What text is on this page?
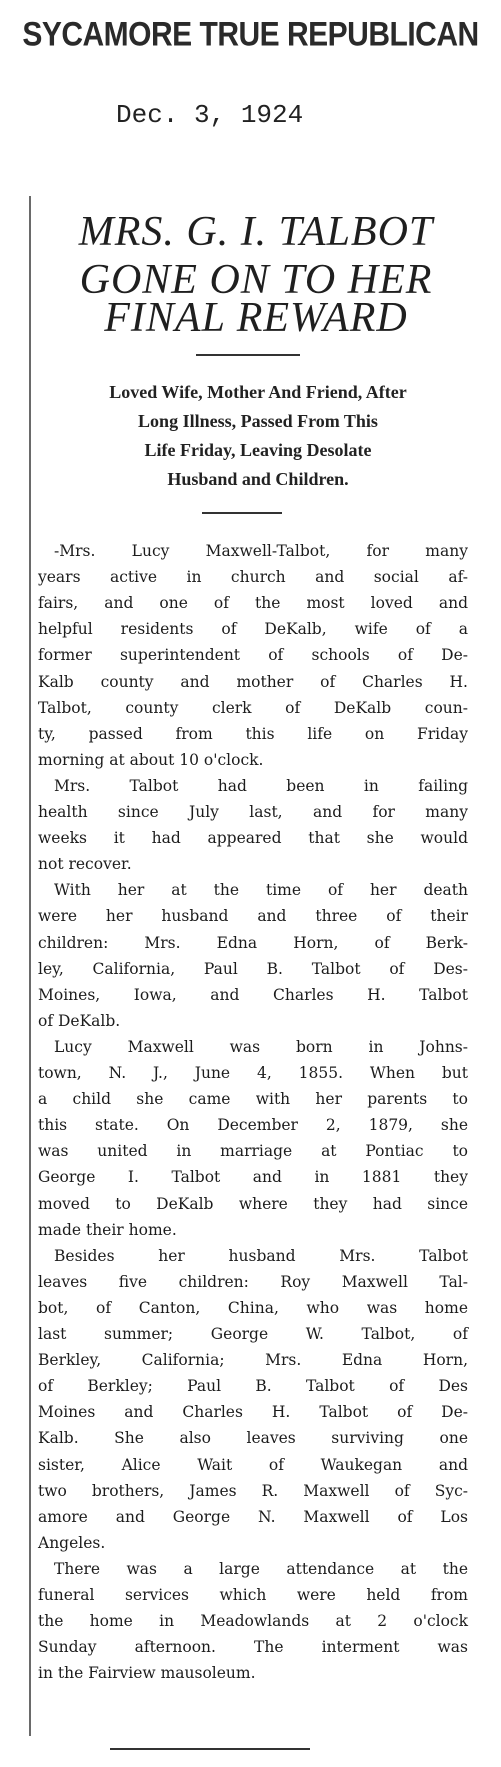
SYCAMORE TRUE REPUBLICAN
Dec. 3, 1924
MRS. G. I. TALBOT
GONE ON TO HER
FINAL REWARD
Loved Wife, Mother And Friend, After
Long Illness, Passed From This
Life Friday, Leaving Desolate
Husband and Children.
-Mrs. Lucy Maxwell-Talbot, for many
years active in church and social af-
fairs, and one of the most loved and
helpful residents of DeKalb, wife of a
former superintendent of schools of De-
Kalb county and mother of Charles H.
Talbot, county clerk of DeKalb coun-
ty, passed from this life on Friday
morning at about 10 o'clock.
Mrs. Talbot had been in failing
health since July last, and for many
weeks it had appeared that she would
not recover.
With her at the time of her death
were her husband and three of their
children: Mrs. Edna Horn, of Berk-
ley, California, Paul B. Talbot of Des-
Moines, Iowa, and Charles H. Talbot
of DeKalb.
Lucy Maxwell was born in Johns-
town, N. J., June 4, 1855. When but
a child she came with her parents to
this state. On December 2, 1879, she
was united in marriage at Pontiac to
George I. Talbot and in 1881 they
moved to DeKalb where they had since
made their home.
Besides her husband Mrs. Talbot
leaves five children: Roy Maxwell Tal-
bot, of Canton, China, who was home
last summer; George W. Talbot, of
Berkley, California; Mrs. Edna Horn,
of Berkley; Paul B. Talbot of Des
Moines and Charles H. Talbot of De-
Kalb. She also leaves surviving one
sister, Alice Wait of Waukegan and
two brothers, James R. Maxwell of Syc-
amore and George N. Maxwell of Los
Angeles.
There was a large attendance at the
funeral services which were held from
the home in Meadowlands at 2 o'clock
Sunday afternoon. The interment was
in the Fairview mausoleum.
